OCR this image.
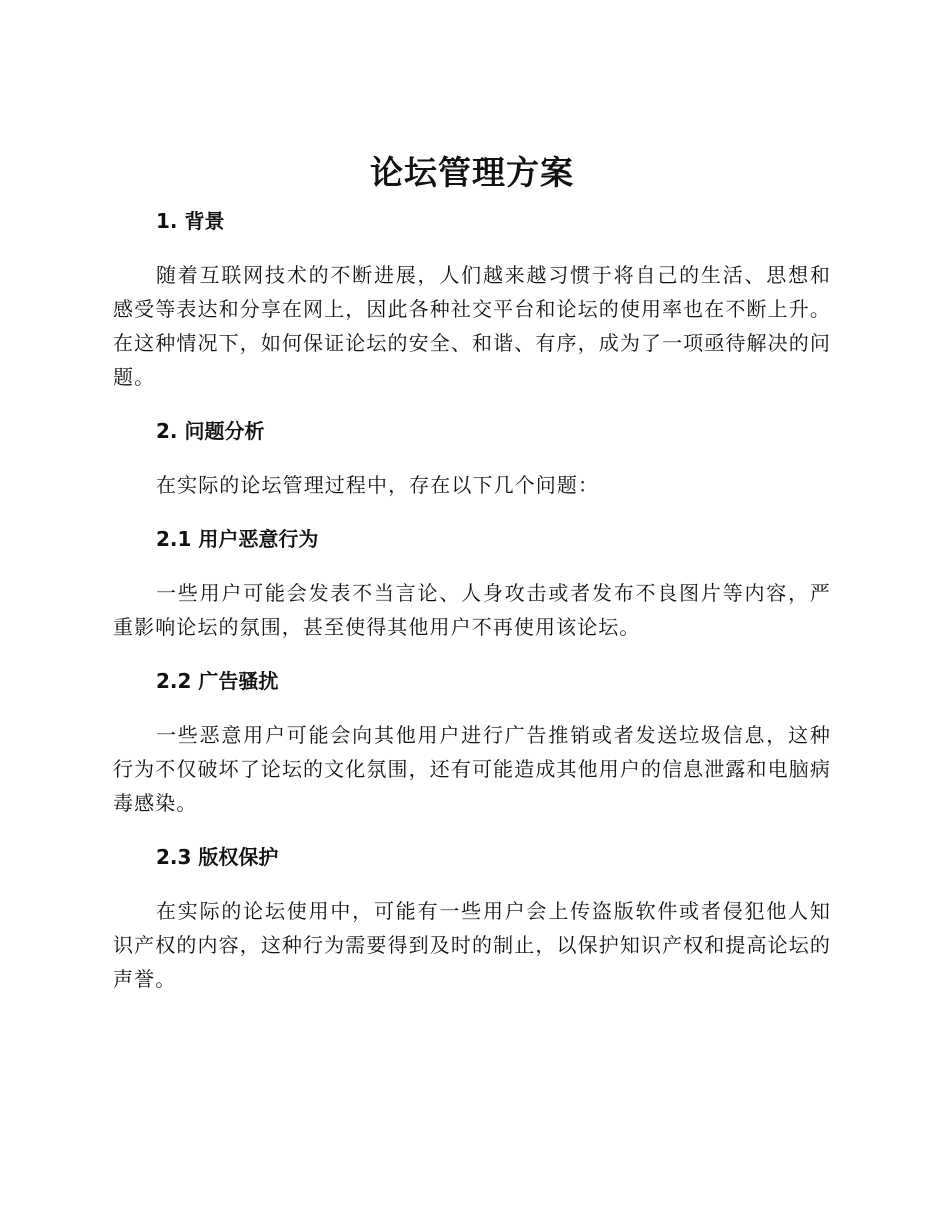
论坛管理方案
1. 背景

随着互联网技术的不断进展，人们越来越习惯于将自己的生活、思想和感受等表达和分享在网上，因此各种社交平台和论坛的使用率也在不断上升。在这种情况下，如何保证论坛的安全、和谐、有序，成为了一项亟待解决的问题。

2. 问题分析

在实际的论坛管理过程中，存在以下几个问题：

2.1 用户恶意行为

一些用户可能会发表不当言论、人身攻击或者发布不良图片等内容，严重影响论坛的氛围，甚至使得其他用户不再使用该论坛。

2.2 广告骚扰

一些恶意用户可能会向其他用户进行广告推销或者发送垃圾信息，这种行为不仅破坏了论坛的文化氛围，还有可能造成其他用户的信息泄露和电脑病毒感染。

2.3 版权保护

在实际的论坛使用中，可能有一些用户会上传盗版软件或者侵犯他人知识产权的内容，这种行为需要得到及时的制止，以保护知识产权和提高论坛的声誉。
